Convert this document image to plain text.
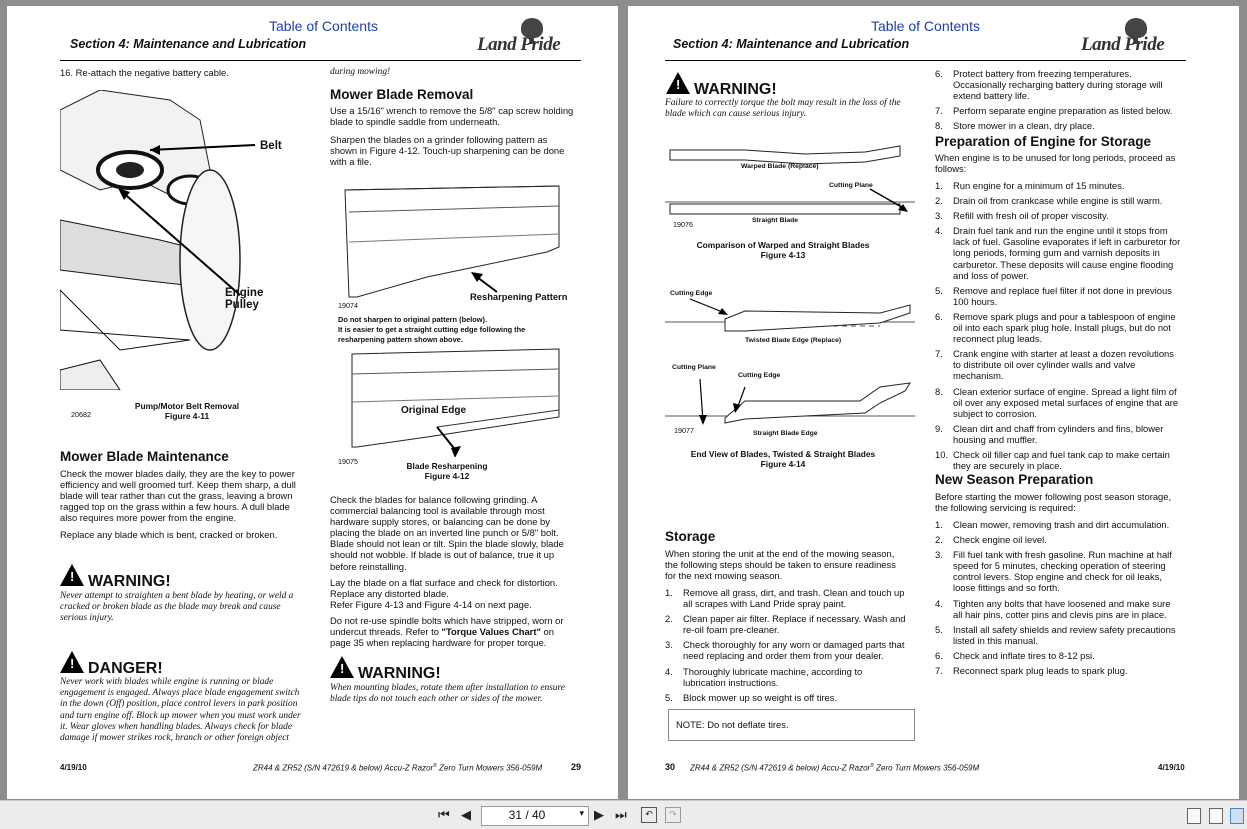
Table of Contents
Section 4: Maintenance and Lubrication	Land Pride
16. Re-attach the negative battery cable.
Belt
Engine Pulley
20682
Pump/Motor Belt Removal
Figure 4-11
Mower Blade Maintenance
Check the mower blades daily, they are the key to power
efficiency and well groomed turf. Keep them sharp, a dull
blade will tear rather than cut the grass, leaving a brown
ragged top on the grass within a few hours. A dull blade
also requires more power from the engine.
Replace any blade which is bent, cracked or broken.
! WARNING!
Never attempt to straighten a bent blade by heating, or weld a
cracked or broken blade as the blade may break and cause
serious injury.
! DANGER!
Never work with blades while engine is running or blade
engagement is engaged. Always place blade engagement switch
in the down (Off) position, place control levers in park position
and turn engine off. Block up mower when you must work under
it. Wear gloves when handling blades. Always check for blade
damage if mower strikes rock, branch or other foreign object
during mowing!
Mower Blade Removal
Use a 15/16" wrench to remove the 5/8" cap screw holding
blade to spindle saddle from underneath.
Sharpen the blades on a grinder following pattern as
shown in Figure 4-12. Touch-up sharpening can be done
with a file.
Resharpening Pattern
19074
Do not sharpen to original pattern (below).
It is easier to get a straight cutting edge following the
resharpening pattern shown above.
Original Edge
19075	Blade Resharpening
Figure 4-12
Check the blades for balance following grinding. A
commercial balancing tool is available through most
hardware supply stores, or balancing can be done by
placing the blade on an inverted line punch or 5/8" bolt.
Blade should not lean or tilt. Spin the blade slowly, blade
should not wobble. If blade is out of balance, true it up
before reinstalling.
Lay the blade on a flat surface and check for distortion.
Replace any distorted blade.
Refer Figure 4-13 and Figure 4-14 on next page.
Do not re-use spindle bolts which have stripped, worn or
undercut threads. Refer to "Torque Values Chart" on
page 35 when replacing hardware for proper torque.
! WARNING!
When mounting blades, rotate them after installation to ensure
blade tips do not touch each other or sides of the mower.
4/19/10	ZR44 & ZR52 (S/N 472619 & below) Accu-Z Razor® Zero Turn Mowers 356-059M	29
Table of Contents
Section 4: Maintenance and Lubrication	Land Pride
! WARNING!
Failure to correctly torque the bolt may result in the loss of the
blade which can cause serious injury.
Warped Blade (Replace)
Cutting Plane
Straight Blade
19076
Comparison of Warped and Straight Blades
Figure 4-13
Cutting Edge
Twisted Blade Edge (Replace)
Cutting Plane
Cutting Edge
19077	Straight Blade Edge
End View of Blades, Twisted & Straight Blades
Figure 4-14
Storage
When storing the unit at the end of the mowing season,
the following steps should be taken to ensure readiness
for the next mowing season.
NOTE: Do not deflate tires.
30 ZR44 & ZR52 (S/N 472619 & below) Accu-Z Razor® Zero Turn Mowers 356-059M	4/19/10
1. Remove all grass, dirt, and trash. Clean and touch up
all scrapes with Land Pride spray paint.
2. Clean paper air filter. Replace if necessary. Wash and
re-oil foam pre-cleaner.
3. Check thoroughly for any worn or damaged parts that
need replacing and order them from your dealer.
4. Thoroughly lubricate machine, according to
lubrication instructions.
5. Block mower up so weight is off tires.
6. Protect battery from freezing temperatures.
Occasionally recharging battery during storage will
extend battery life.
7. Perform separate engine preparation as listed below.
8. Store mower in a clean, dry place.
Preparation of Engine for Storage
When engine is to be unused for long periods, proceed as
follows:
1. Run engine for a minimum of 15 minutes.
2. Drain oil from crankcase while engine is still warm.
3. Refill with fresh oil of proper viscosity.
4. Drain fuel tank and run the engine until it stops from
lack of fuel. Gasoline evaporates if left in carburetor for
long periods, forming gum and varnish deposits in
carburetor. These deposits will cause engine flooding
and loss of power.
5. Remove and replace fuel filter if not done in previous
100 hours.
6. Remove spark plugs and pour a tablespoon of engine
oil into each spark plug hole. Install plugs, but do not
reconnect plug leads.
7. Crank engine with starter at least a dozen revolutions
to distribute oil over cylinder walls and valve
mechanism.
8. Clean exterior surface of engine. Spread a light film of
oil over any exposed metal surfaces of engine that are
subject to corrosion.
9. Clean dirt and chaff from cylinders and fins, blower
housing and muffler.
10. Check oil filler cap and fuel tank cap to make certain
they are securely in place.
New Season Preparation
Before starting the mower following post season storage,
the following servicing is required:
1. Clean mower, removing trash and dirt accumulation.
2. Check engine oil level.
3. Fill fuel tank with fresh gasoline. Run machine at half
speed for 5 minutes, checking operation of steering
control levers. Stop engine and check for oil leaks,
loose fittings and so forth.
4. Tighten any bolts that have loosened and make sure
all hair pins, cotter pins and clevis pins are in place.
5. Install all safety shields and review safety precautions
listed in this manual.
6. Check and inflate tires to 8-12 psi.
7. Reconnect spark plug leads to spark plug.
⏮ ◀	31 / 40	▾ ▶ ⏭	↶	↷
